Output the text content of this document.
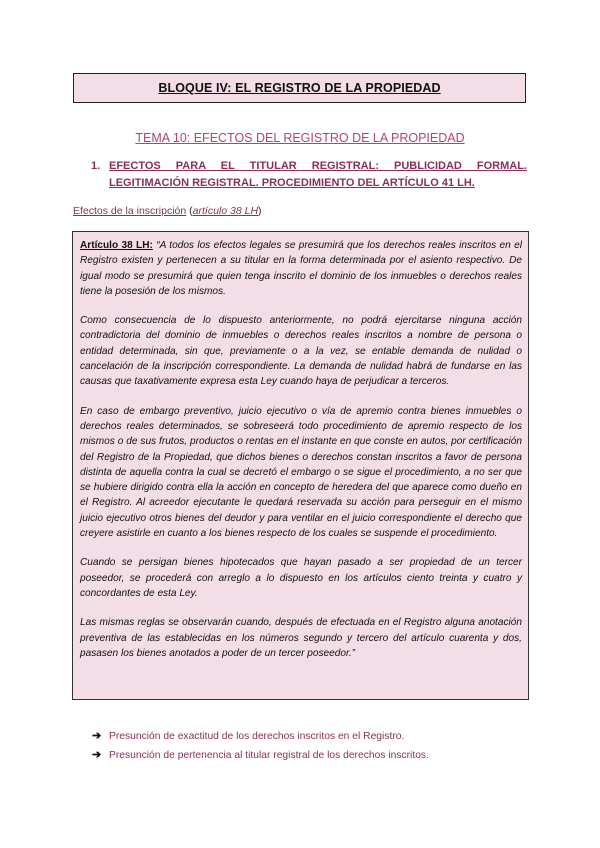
BLOQUE IV: EL REGISTRO DE LA PROPIEDAD
TEMA 10: EFECTOS DEL REGISTRO DE LA PROPIEDAD
1. EFECTOS PARA EL TITULAR REGISTRAL: PUBLICIDAD FORMAL. LEGITIMACIÓN REGISTRAL. PROCEDIMIENTO DEL ARTÍCULO 41 LH.
Efectos de la inscripción (artículo 38 LH)

Artículo 38 LH: “A todos los efectos legales se presumirá que los derechos reales inscritos en el Registro existen y pertenecen a su titular en la forma determinada por el asiento respectivo. De igual modo se presumirá que quien tenga inscrito el dominio de los inmuebles o derechos reales tiene la posesión de los mismos.

Como consecuencia de lo dispuesto anteriormente, no podrá ejercitarse ninguna acción contradictoria del dominio de inmuebles o derechos reales inscritos a nombre de persona o entidad determinada, sin que, previamente o a la vez, se entable demanda de nulidad o cancelación de la inscripción correspondiente. La demanda de nulidad habrá de fundarse en las causas que taxativamente expresa esta Ley cuando haya de perjudicar a terceros.

En caso de embargo preventivo, juicio ejecutivo o vía de apremio contra bienes inmuebles o derechos reales determinados, se sobreseerá todo procedimiento de apremio respecto de los mismos o de sus frutos, productos o rentas en el instante en que conste en autos, por certificación del Registro de la Propiedad, que dichos bienes o derechos constan inscritos a favor de persona distinta de aquella contra la cual se decretó el embargo o se sigue el procedimiento, a no ser que se hubiere dirigido contra ella la acción en concepto de heredera del que aparece como dueño en el Registro. Al acreedor ejecutante le quedará reservada su acción para perseguir en el mismo juicio ejecutivo otros bienes del deudor y para ventilar en el juicio correspondiente el derecho que creyere asistirle en cuanto a los bienes respecto de los cuales se suspende el procedimiento.

Cuando se persigan bienes hipotecados que hayan pasado a ser propiedad de un tercer poseedor, se procederá con arreglo a lo dispuesto en los artículos ciento treinta y cuatro y concordantes de esta Ley.

Las mismas reglas se observarán cuando, después de efectuada en el Registro alguna anotación preventiva de las establecidas en los números segundo y tercero del artículo cuarenta y dos, pasasen los bienes anotados a poder de un tercer poseedor.”

➔ Presunción de exactitud de los derechos inscritos en el Registro.
➔ Presunción de pertenencia al titular registral de los derechos inscritos.
